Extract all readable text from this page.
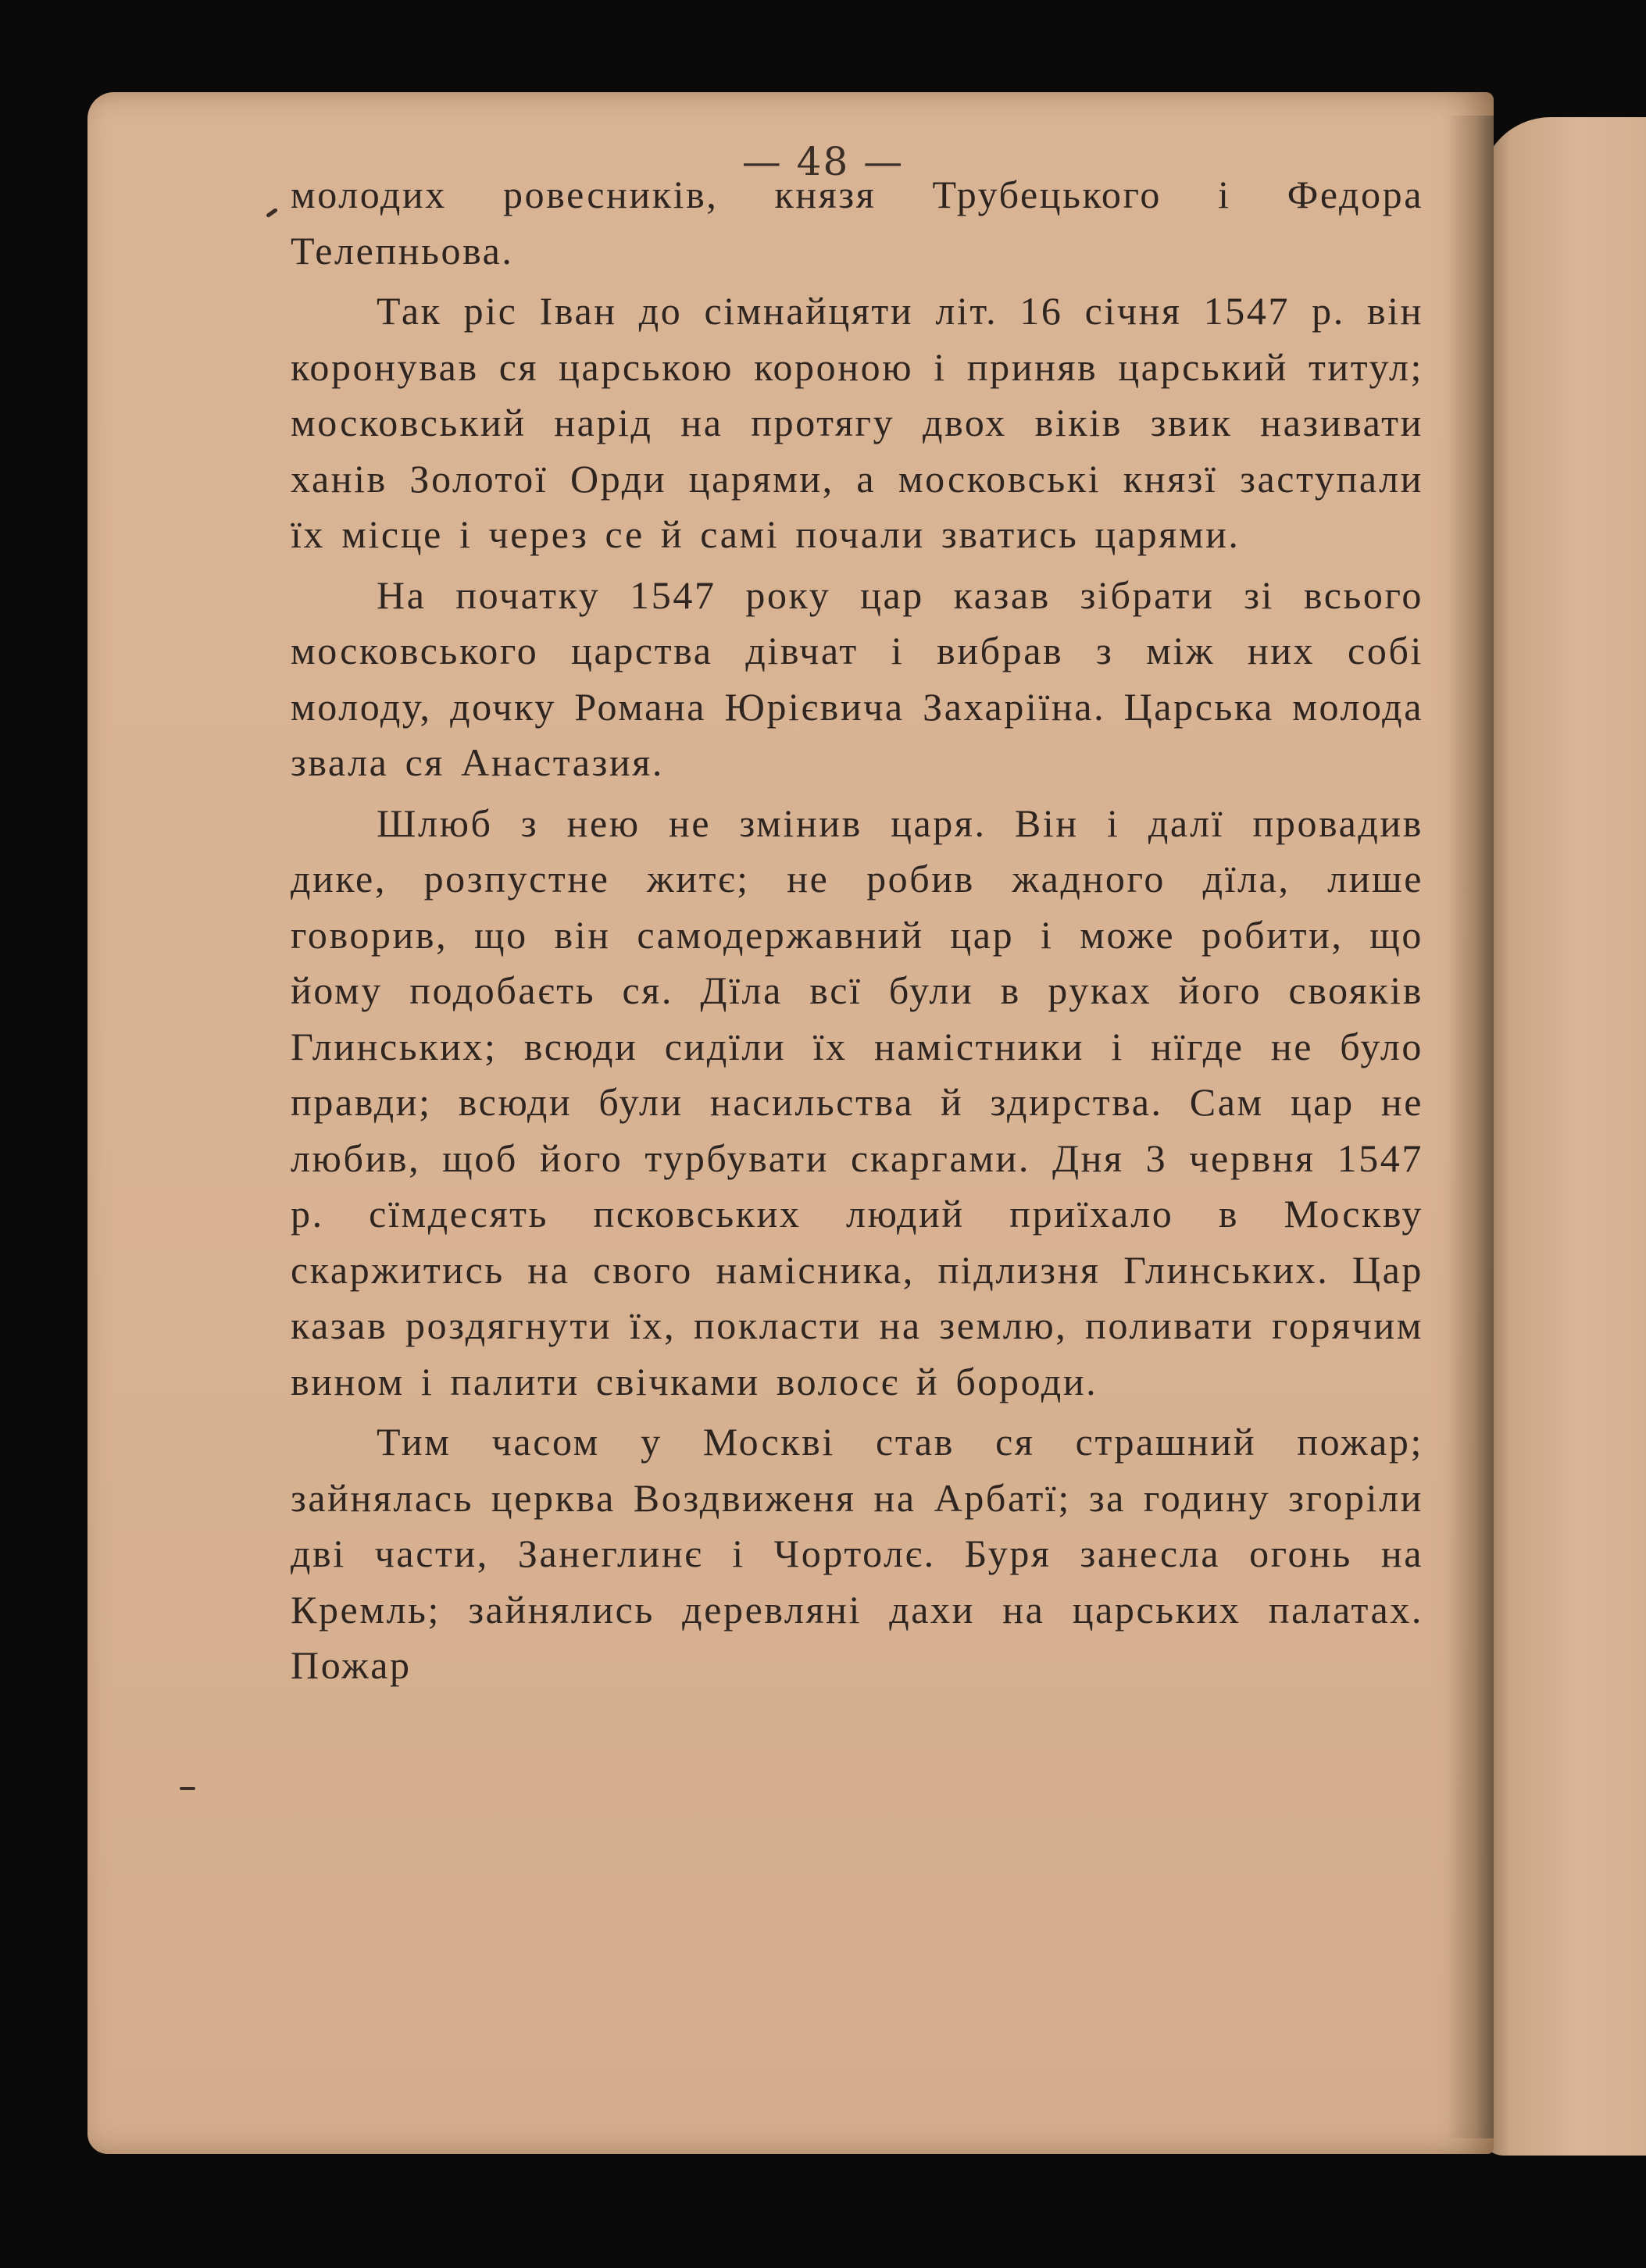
— 48 —

молодих ровесників, князя Трубецького і Федора Телепньова.

Так ріс Іван до сімнайцяти літ. 16 січня 1547 р. він коронував ся царською короною і приняв царський титул; московський нарід на протягу двох віків звик називати ханів Золотої Орди царями, а московські князї заступали їх місце і через се й самі почали зватись царями.

На початку 1547 року цар казав зібрати зі всього московського царства дівчат і вибрав з між них собі молоду, дочку Романа Юрієвича Захаріїна. Царська молода звала ся Анастазия.

Шлюб з нею не змінив царя. Він і далї провадив дике, розпустне житє; не робив жадного дїла, лише говорив, що він самодержавний цар і може робити, що йому подобаєть ся. Дїла всї були в руках його свояків Глинських; всюди сидїли їх намістники і нїгде не було правди; всюди були насильства й здирства. Сам цар не любив, щоб його турбувати скаргами. Дня 3 червня 1547 р. сїмдесять псковських людий приїхало в Москву скаржитись на свого намісника, підлизня Глинських. Цар казав роздягнути їх, покласти на землю, поливати горячим вином і палити свічками волосє й бороди.

Тим часом у Москві став ся страшний пожар; зайнялась церква Воздвиженя на Арбатї; за годину згоріли дві части, Занеглинє і Чортолє. Буря занесла огонь на Кремль; зайнялись деревляні дахи на царських палатах. Пожар
